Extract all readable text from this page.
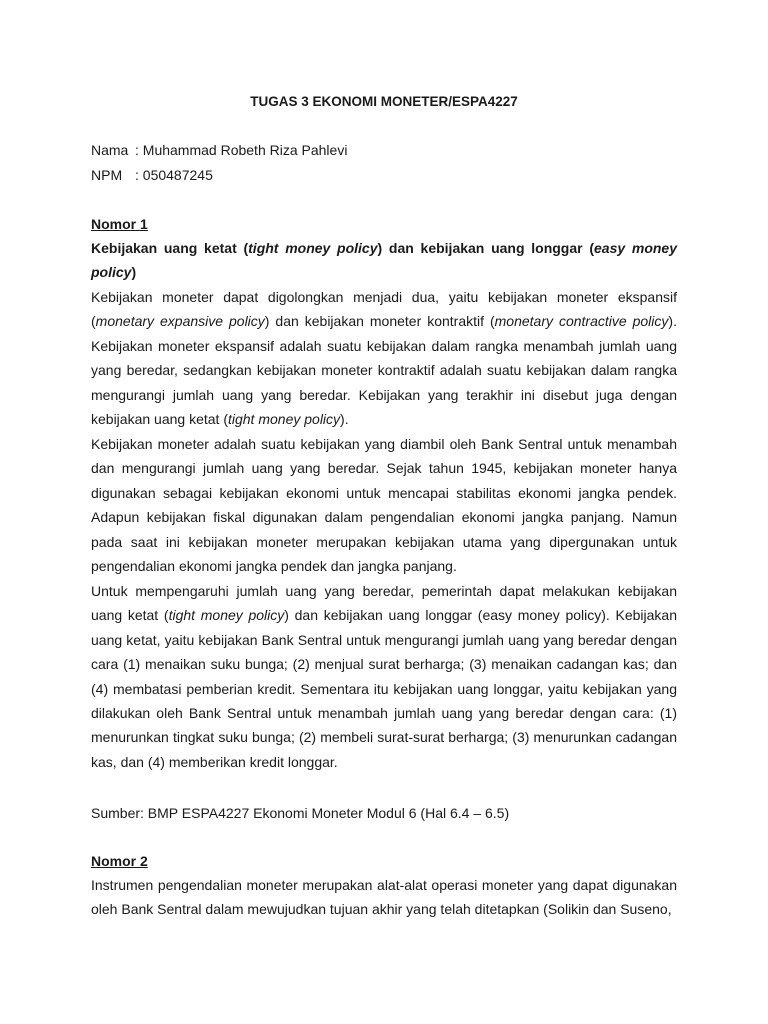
TUGAS 3 EKONOMI MONETER/ESPA4227
Nama : Muhammad Robeth Riza Pahlevi
NPM : 050487245
Nomor 1
Kebijakan uang ketat (tight money policy) dan kebijakan uang longgar (easy money policy)
Kebijakan moneter dapat digolongkan menjadi dua, yaitu kebijakan moneter ekspansif (monetary expansive policy) dan kebijakan moneter kontraktif (monetary contractive policy). Kebijakan moneter ekspansif adalah suatu kebijakan dalam rangka menambah jumlah uang yang beredar, sedangkan kebijakan moneter kontraktif adalah suatu kebijakan dalam rangka mengurangi jumlah uang yang beredar. Kebijakan yang terakhir ini disebut juga dengan kebijakan uang ketat (tight money policy).
Kebijakan moneter adalah suatu kebijakan yang diambil oleh Bank Sentral untuk menambah dan mengurangi jumlah uang yang beredar. Sejak tahun 1945, kebijakan moneter hanya digunakan sebagai kebijakan ekonomi untuk mencapai stabilitas ekonomi jangka pendek. Adapun kebijakan fiskal digunakan dalam pengendalian ekonomi jangka panjang. Namun pada saat ini kebijakan moneter merupakan kebijakan utama yang dipergunakan untuk pengendalian ekonomi jangka pendek dan jangka panjang.
Untuk mempengaruhi jumlah uang yang beredar, pemerintah dapat melakukan kebijakan uang ketat (tight money policy) dan kebijakan uang longgar (easy money policy). Kebijakan uang ketat, yaitu kebijakan Bank Sentral untuk mengurangi jumlah uang yang beredar dengan cara (1) menaikan suku bunga; (2) menjual surat berharga; (3) menaikan cadangan kas; dan (4) membatasi pemberian kredit. Sementara itu kebijakan uang longgar, yaitu kebijakan yang dilakukan oleh Bank Sentral untuk menambah jumlah uang yang beredar dengan cara: (1) menurunkan tingkat suku bunga; (2) membeli surat-surat berharga; (3) menurunkan cadangan kas, dan (4) memberikan kredit longgar.
Sumber: BMP ESPA4227 Ekonomi Moneter Modul 6 (Hal 6.4 – 6.5)
Nomor 2
Instrumen pengendalian moneter merupakan alat-alat operasi moneter yang dapat digunakan oleh Bank Sentral dalam mewujudkan tujuan akhir yang telah ditetapkan (Solikin dan Suseno,
